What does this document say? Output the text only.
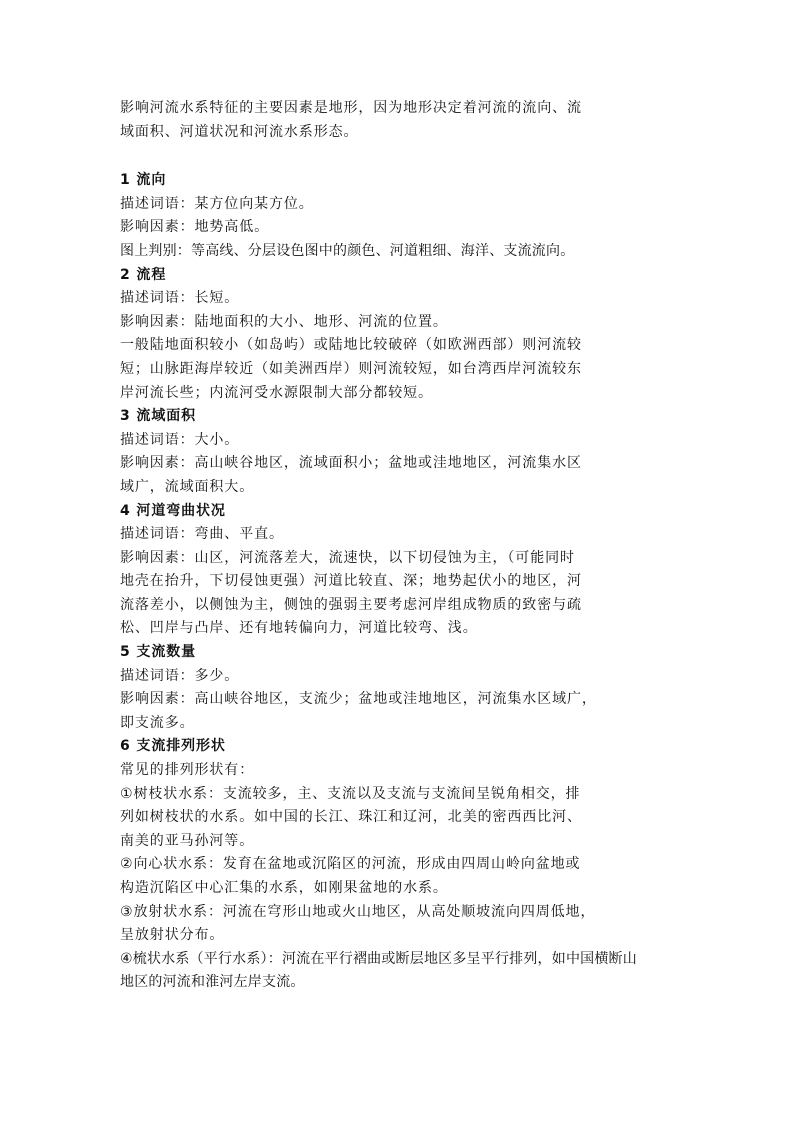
影响河流水系特征的主要因素是地形，因为地形决定着河流的流向、流
域面积、河道状况和河流水系形态。
1 流向
描述词语：某方位向某方位。
影响因素：地势高低。
图上判别：等高线、分层设色图中的颜色、河道粗细、海洋、支流流向。
2 流程
描述词语：长短。
影响因素：陆地面积的大小、地形、河流的位置。
一般陆地面积较小（如岛屿）或陆地比较破碎（如欧洲西部）则河流较
短；山脉距海岸较近（如美洲西岸）则河流较短，如台湾西岸河流较东
岸河流长些；内流河受水源限制大部分都较短。
3 流域面积
描述词语：大小。
影响因素：高山峡谷地区，流域面积小；盆地或洼地地区，河流集水区
域广，流域面积大。
4 河道弯曲状况
描述词语：弯曲、平直。
影响因素：山区，河流落差大，流速快，以下切侵蚀为主，（可能同时
地壳在抬升，下切侵蚀更强）河道比较直、深；地势起伏小的地区，河
流落差小，以侧蚀为主，侧蚀的强弱主要考虑河岸组成物质的致密与疏
松、凹岸与凸岸、还有地转偏向力，河道比较弯、浅。
5 支流数量
描述词语：多少。
影响因素：高山峡谷地区，支流少；盆地或洼地地区，河流集水区域广，
即支流多。
6 支流排列形状
常见的排列形状有：
①树枝状水系：支流较多，主、支流以及支流与支流间呈锐角相交，排
列如树枝状的水系。如中国的长江、珠江和辽河，北美的密西西比河、
南美的亚马孙河等。
②向心状水系：发育在盆地或沉陷区的河流，形成由四周山岭向盆地或
构造沉陷区中心汇集的水系，如刚果盆地的水系。
③放射状水系：河流在穹形山地或火山地区，从高处顺坡流向四周低地，
呈放射状分布。
④梳状水系（平行水系）：河流在平行褶曲或断层地区多呈平行排列，如中国横断山
地区的河流和淮河左岸支流。
